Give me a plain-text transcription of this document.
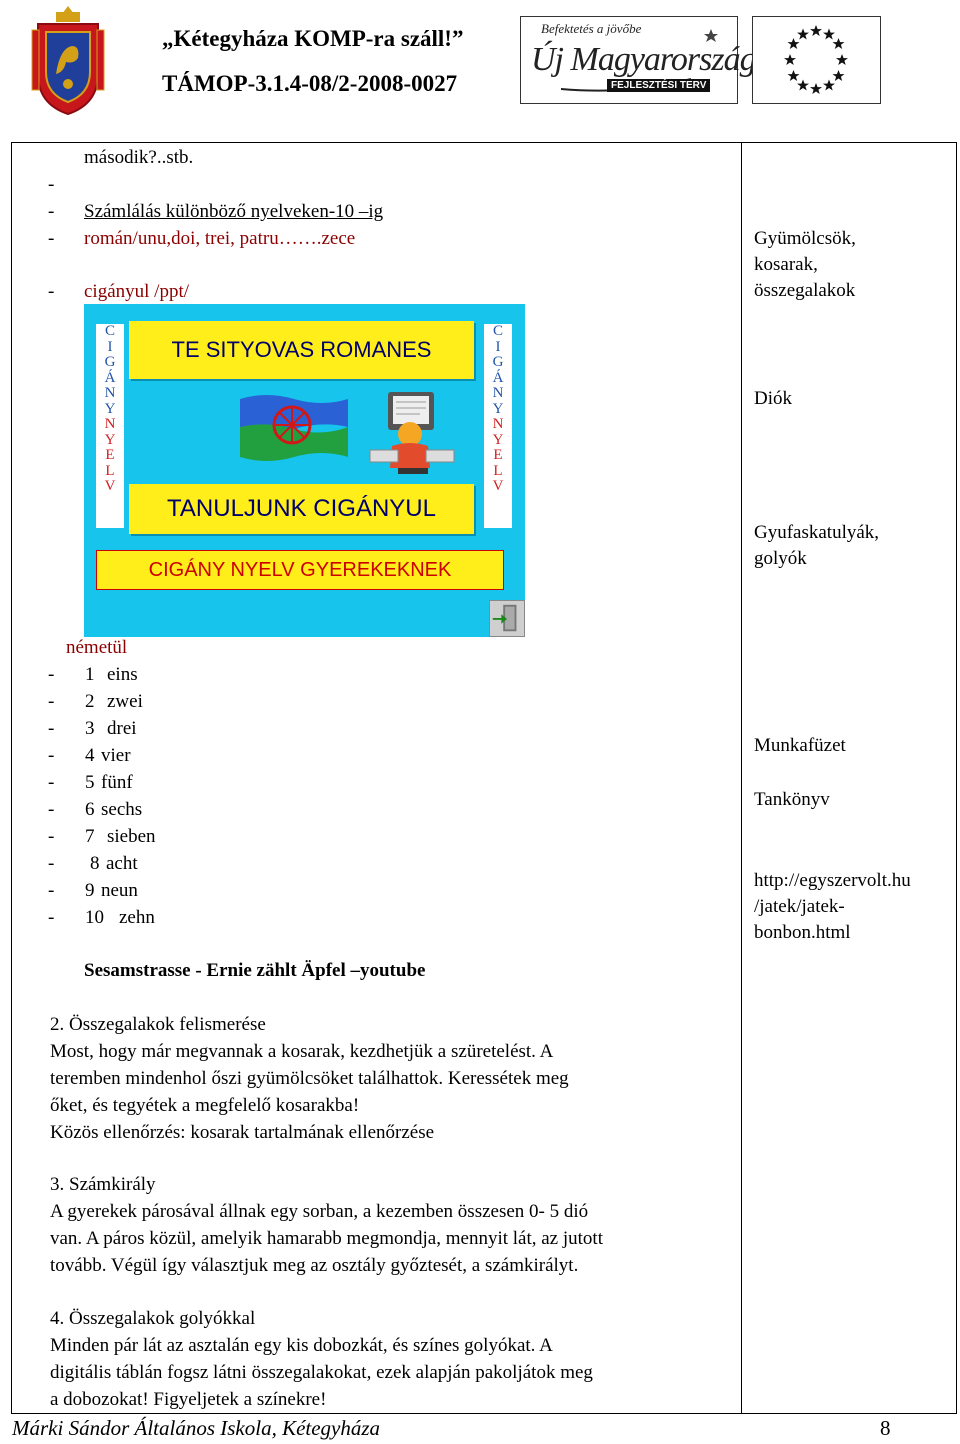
„Kétegyháza KOMP-ra száll!”
TÁMOP-3.1.4-08/2-2008-0027
Befektetés a jövőbe
Új Magyarország
FEJLESZTÉSI TERV
második?..stb.
-
- Számlálás különböző nyelveken-10 –ig
- román/unu,doi, trei, patru…….zece
- cigányul /ppt/
C
I
G
Á
N
Y
N
Y
E
L
V
C
I
G
Á
N
Y
N
Y
E
L
V
TE SITYOVAS ROMANES
TANULJUNK CIGÁNYUL
CIGÁNY NYELV GYEREKEKNEK
németül
- 1 eins
- 2 zwei
- 3 drei
- 4 vier
- 5 fünf
- 6 sechs
- 7 sieben
- 8 acht
- 9 neun
- 10 zehn
Sesamstrasse - Ernie zählt Äpfel –youtube
2. Összegalakok felismerése
Most, hogy már megvannak a kosarak, kezdhetjük a szüretelést. A
teremben mindenhol őszi gyümölcsöket találhattok. Keressétek meg
őket, és tegyétek a megfelelő kosarakba!
Közös ellenőrzés: kosarak tartalmának ellenőrzése
3. Számkirály
A gyerekek párosával állnak egy sorban, a kezemben összesen 0- 5 dió
van. A páros közül, amelyik hamarabb megmondja, mennyit lát, az jutott
tovább. Végül így választjuk meg az osztály győztesét, a számkirályt.
4. Összegalakok golyókkal
Minden pár lát az asztalán egy kis dobozkát, és színes golyókat. A
digitális táblán fogsz látni összegalakokat, ezek alapján pakoljátok meg
a dobozokat! Figyeljetek a színekre!
Gyümölcsök,
kosarak,
összegalakok
Diók
Gyufaskatulyák,
golyók
Munkafüzet
Tankönyv
http://egyszervolt.hu
/jatek/jatek-
bonbon.html
Márki Sándor Általános Iskola, Kétegyháza	8
